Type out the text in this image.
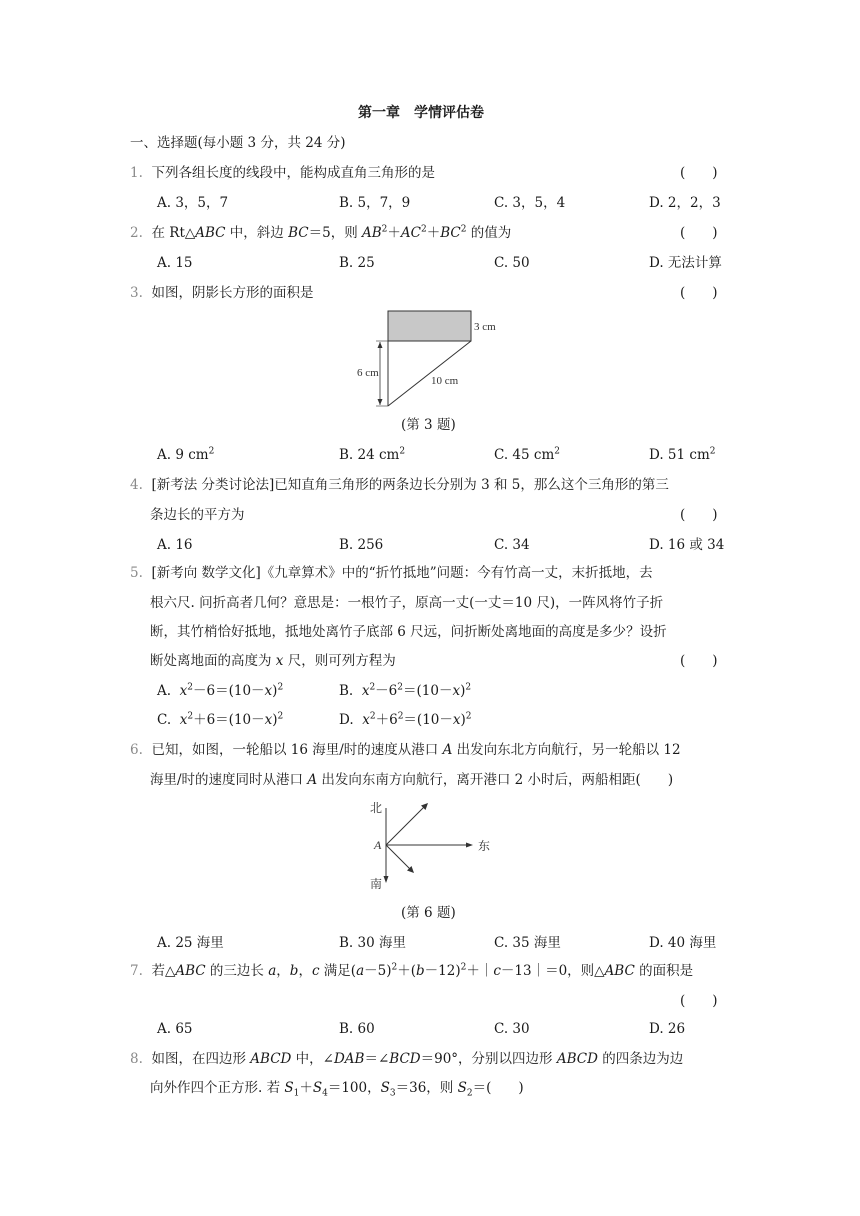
第一章　学情评估卷
一、选择题(每小题 3 分，共 24 分)
1. 下列各组长度的线段中，能构成直角三角形的是	(　　)
A. 3，5，7	B. 5，7，9	C. 3，5，4	D. 2，2，3
2. 在 Rt△ABC 中，斜边 BC＝5，则 $AB^2+AC^2+BC^2$ 的值为	(　　)
A. 15	B. 25	C. 50	D. 无法计算
3. 如图，阴影长方形的面积是	(　　)
3 cm
6 cm
10 cm
(第 3 题)
A. 9 $cm^2$	B. 24 $cm^2$	C. 45 $cm^2$	D. 51 $cm^2$
4. [新考法 分类讨论法]已知直角三角形的两条边长分别为 3 和 5，那么这个三角形的第三
条边长的平方为	(　　)
A. 16	B. 256	C. 34	D. 16 或 34
5. [新考向 数学文化]《九章算术》中的“折竹抵地”问题：今有竹高一丈，末折抵地，去
根六尺. 问折高者几何？意思是：一根竹子，原高一丈(一丈＝10 尺)，一阵风将竹子折
断，其竹梢恰好抵地，抵地处离竹子底部 6 尺远，问折断处离地面的高度是多少？设折
断处离地面的高度为 x 尺，则可列方程为	(　　)
A. $x^2-6=(10-x)^2$	B. $x^2-6^2=(10-x)^2$
C. $x^2+6=(10-x)^2$	D. $x^2+6^2=(10-x)^2$
6. 已知，如图，一轮船以 16 海里/时的速度从港口 A 出发向东北方向航行，另一轮船以 12
海里/时的速度同时从港口 A 出发向东南方向航行，离开港口 2 小时后，两船相距(　　)
北
东
南
A
(第 6 题)
A. 25 海里	B. 30 海里	C. 35 海里	D. 40 海里
7. 若△ABC 的三边长 a，b，c 满足$(a-5)^2+(b-12)^2+|c-13|=0$，则△ABC 的面积是
(　　)
A. 65	B. 60	C. 30	D. 26
8. 如图，在四边形 ABCD 中，∠DAB＝∠BCD＝90°，分别以四边形 ABCD 的四条边为边
向外作四个正方形. 若 $S_1+S_4=100$，$S_3=36$，则 $S_2=$(　　)
